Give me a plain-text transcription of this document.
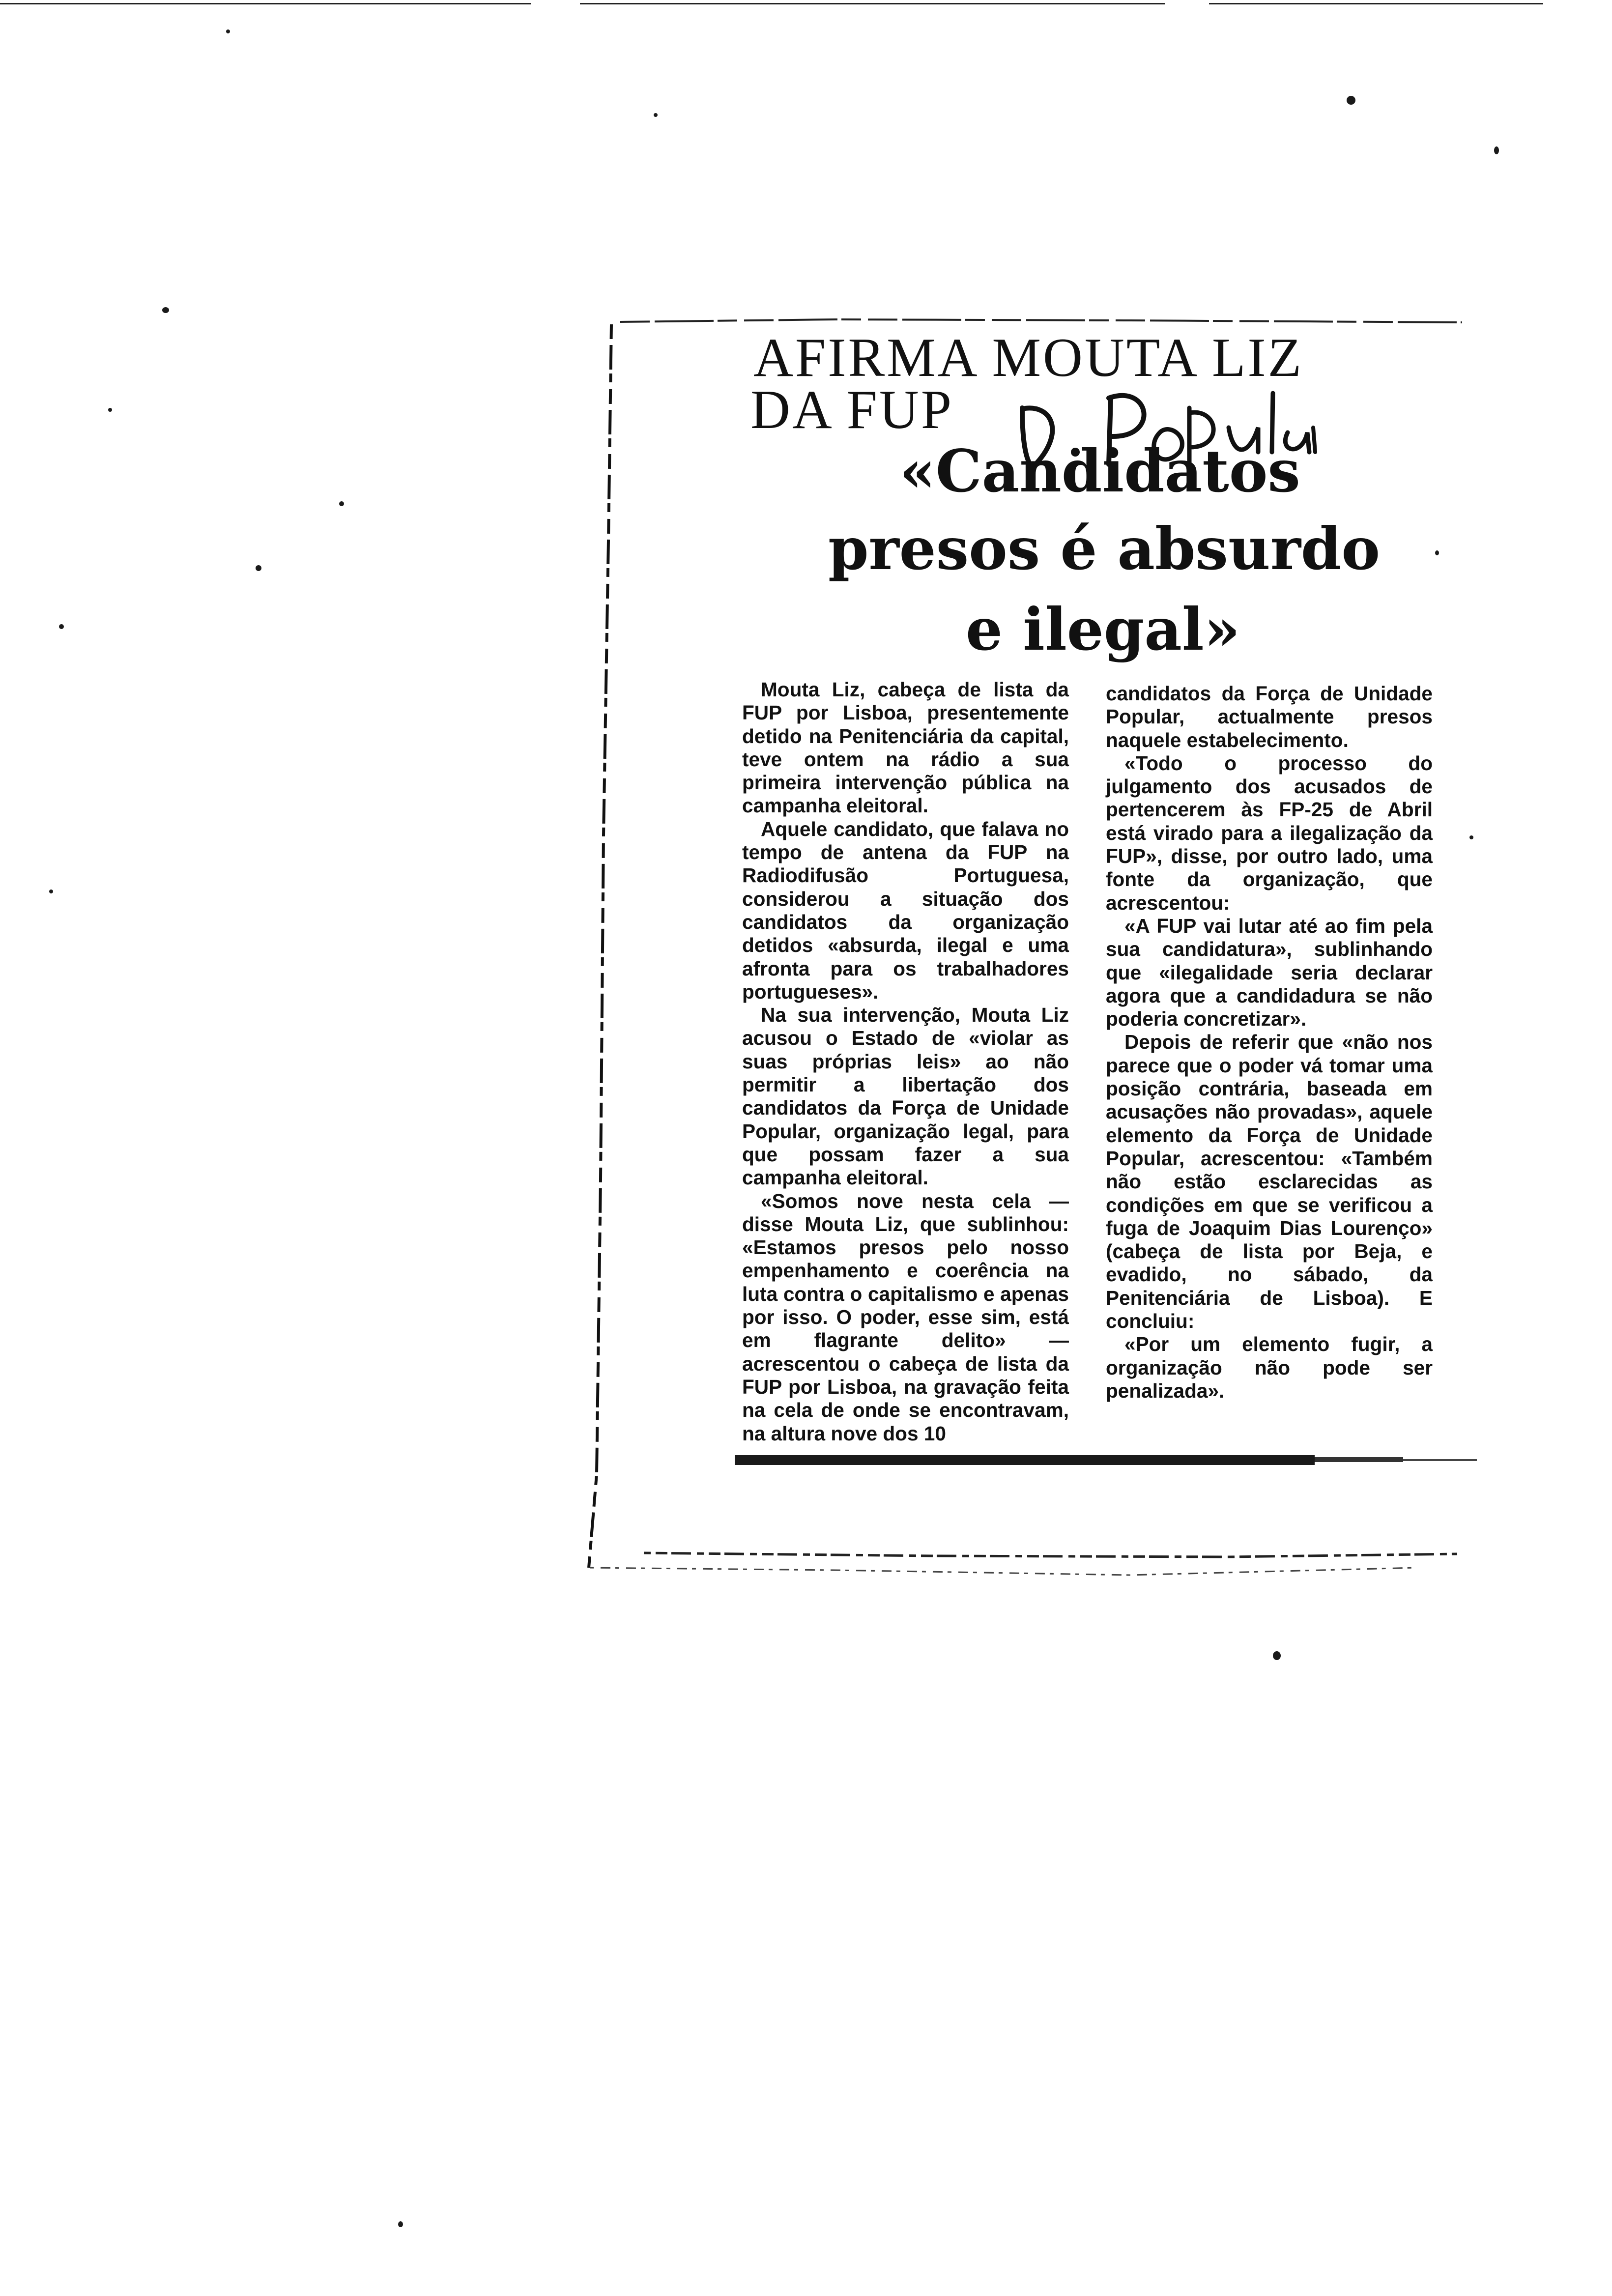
AFIRMA MOUTA LIZ
DA FUP
«Candidatos
presos é absurdo
e ilegal»

Mouta Liz, cabeça de lista da FUP por Lisboa, presentemente detido na Penitenciária da capital, teve ontem na rádio a sua primeira intervenção pública na campanha eleitoral.

Aquele candidato, que falava no tempo de antena da FUP na Radiodifusão Portuguesa, considerou a situação dos candidatos da organização detidos «absurda, ilegal e uma afronta para os trabalhadores portugueses».

Na sua intervenção, Mouta Liz acusou o Estado de «violar as suas próprias leis» ao não permitir a libertação dos candidatos da Força de Unidade Popular, organização legal, para que possam fazer a sua campanha eleitoral.

«Somos nove nesta cela — disse Mouta Liz, que sublinhou: «Estamos presos pelo nosso empenhamento e coerência na luta contra o capitalismo e apenas por isso. O poder, esse sim, está em flagrante delito» — acrescentou o cabeça de lista da FUP por Lisboa, na gravação feita na cela de onde se encontravam, na altura nove dos 10

candidatos da Força de Unidade Popular, actualmente presos naquele estabelecimento.

«Todo o processo do julgamento dos acusados de pertencerem às FP-25 de Abril está virado para a ilegalização da FUP», disse, por outro lado, uma fonte da organização, que acrescentou:

«A FUP vai lutar até ao fim pela sua candidatura», sublinhando que «ilegalidade seria declarar agora que a candidadura se não poderia concretizar».

Depois de referir que «não nos parece que o poder vá tomar uma posição contrária, baseada em acusações não provadas», aquele elemento da Força de Unidade Popular, acrescentou: «Também não estão esclarecidas as condições em que se verificou a fuga de Joaquim Dias Lourenço» (cabeça de lista por Beja, e evadido, no sábado, da Penitenciária de Lisboa). E concluiu:

«Por um elemento fugir, a organização não pode ser penalizada».
